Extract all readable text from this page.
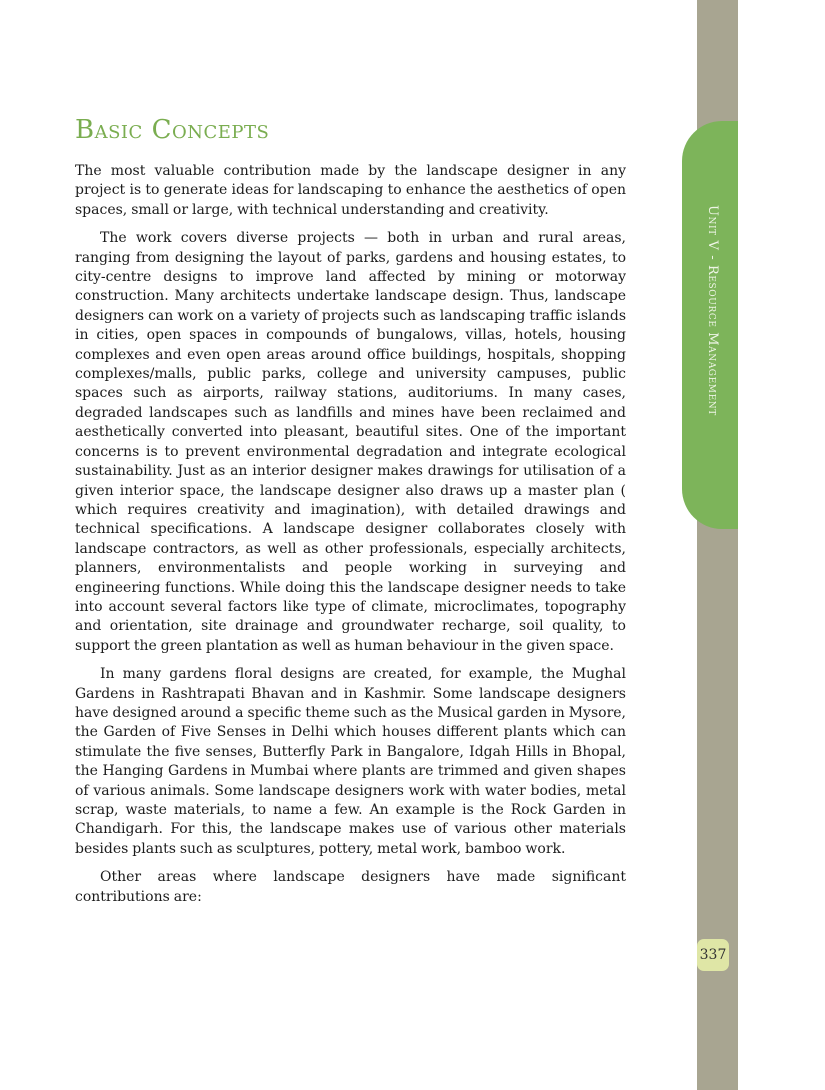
Unit V - Resource Management
337
Basic Concepts

The most valuable contribution made by the landscape designer in any project is to generate ideas for landscaping to enhance the aesthetics of open spaces, small or large, with technical understanding and creativity.

The work covers diverse projects — both in urban and rural areas, ranging from designing the layout of parks, gardens and housing estates, to city-centre designs to improve land affected by mining or motorway construction. Many architects undertake landscape design. Thus, landscape designers can work on a variety of projects such as landscaping traffic islands in cities, open spaces in compounds of bungalows, villas, hotels, housing complexes and even open areas around office buildings, hospitals, shopping complexes/malls, public parks, college and university campuses, public spaces such as airports, railway stations, auditoriums. In many cases, degraded landscapes such as landfills and mines have been reclaimed and aesthetically converted into pleasant, beautiful sites. One of the important concerns is to prevent environmental degradation and integrate ecological sustainability. Just as an interior designer makes drawings for utilisation of a given interior space, the landscape designer also draws up a master plan ( which requires creativity and imagination), with detailed drawings and technical specifications. A landscape designer collaborates closely with landscape contractors, as well as other professionals, especially architects, planners, environmentalists and people working in surveying and engineering functions. While doing this the landscape designer needs to take into account several factors like type of climate, microclimates, topography and orientation, site drainage and groundwater recharge, soil quality, to support the green plantation as well as human behaviour in the given space.

In many gardens floral designs are created, for example, the Mughal Gardens in Rashtrapati Bhavan and in Kashmir. Some landscape designers have designed around a specific theme such as the Musical garden in Mysore, the Garden of Five Senses in Delhi which houses different plants which can stimulate the five senses, Butterfly Park in Bangalore, Idgah Hills in Bhopal, the Hanging Gardens in Mumbai where plants are trimmed and given shapes of various animals. Some landscape designers work with water bodies, metal scrap, waste materials, to name a few. An example is the Rock Garden in Chandigarh. For this, the landscape makes use of various other materials besides plants such as sculptures, pottery, metal work, bamboo work.

Other areas where landscape designers have made significant contributions are:
